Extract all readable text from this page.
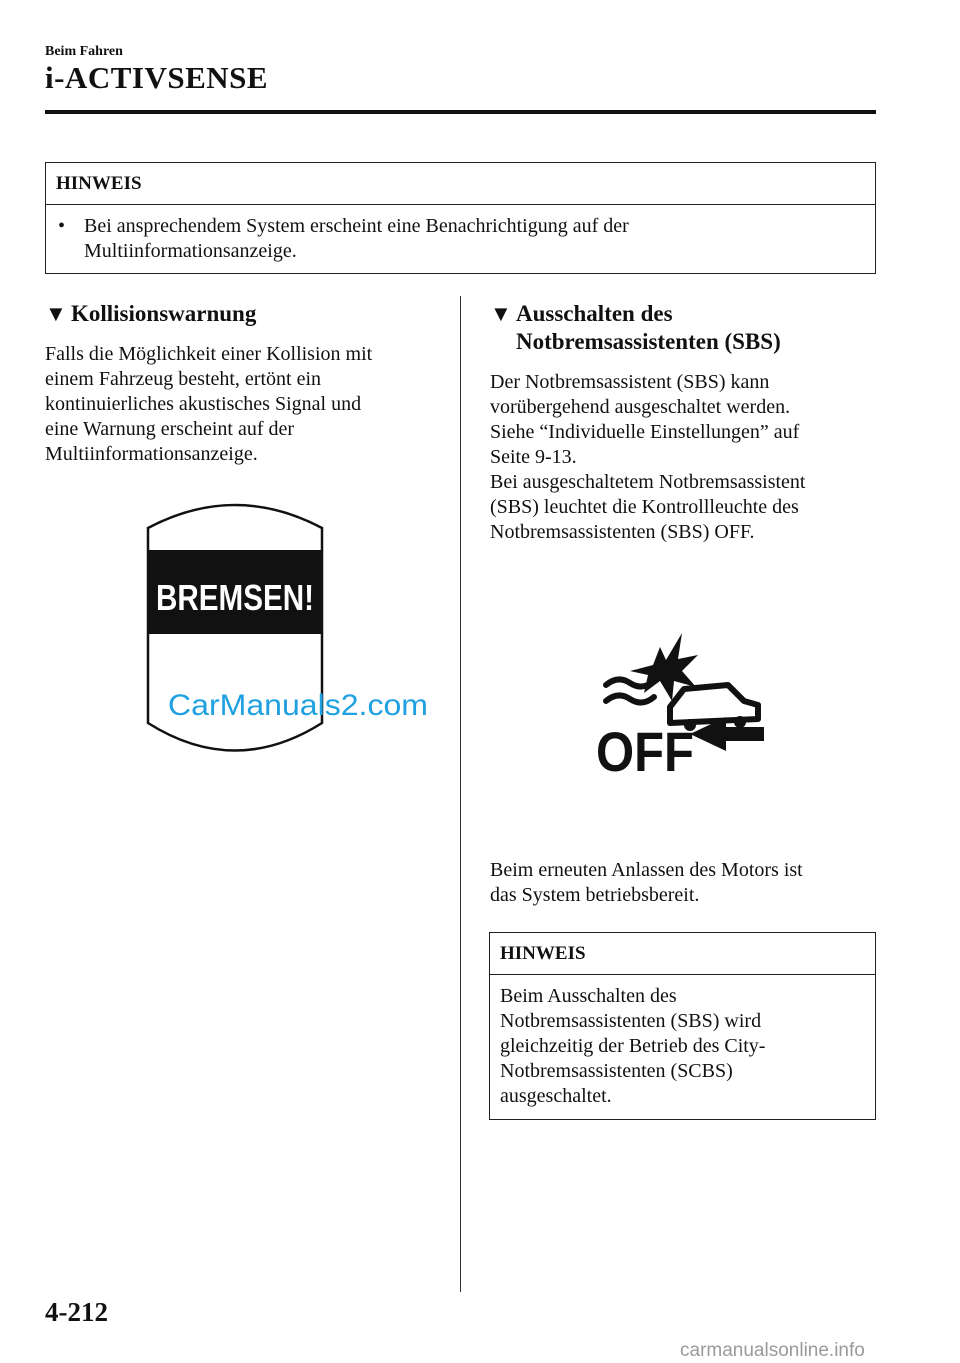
Beim Fahren
i-ACTIVSENSE
HINWEIS
• Bei ansprechendem System erscheint eine Benachrichtigung auf der
Multiinformationsanzeige.
▼ Kollisionswarnung

Falls die Möglichkeit einer Kollision mit

einem Fahrzeug besteht, ertönt ein

kontinuierliches akustisches Signal und

eine Warnung erscheint auf der

Multiinformationsanzeige.

BREMSEN!
CarManuals2.com
▼ Ausschalten des
Notbremsassistenten (SBS)

Der Notbremsassistent (SBS) kann

vorübergehend ausgeschaltet werden.

Siehe “Individuelle Einstellungen” auf

Seite 9-13.

Bei ausgeschaltetem Notbremsassistent

(SBS) leuchtet die Kontrollleuchte des

Notbremsassistenten (SBS) OFF.

OFF

Beim erneuten Anlassen des Motors ist

das System betriebsbereit.

HINWEIS
Beim Ausschalten des
Notbremsassistenten (SBS) wird
gleichzeitig der Betrieb des City-
Notbremsassistenten (SCBS)
ausgeschaltet.
4-212
carmanualsonline.info
